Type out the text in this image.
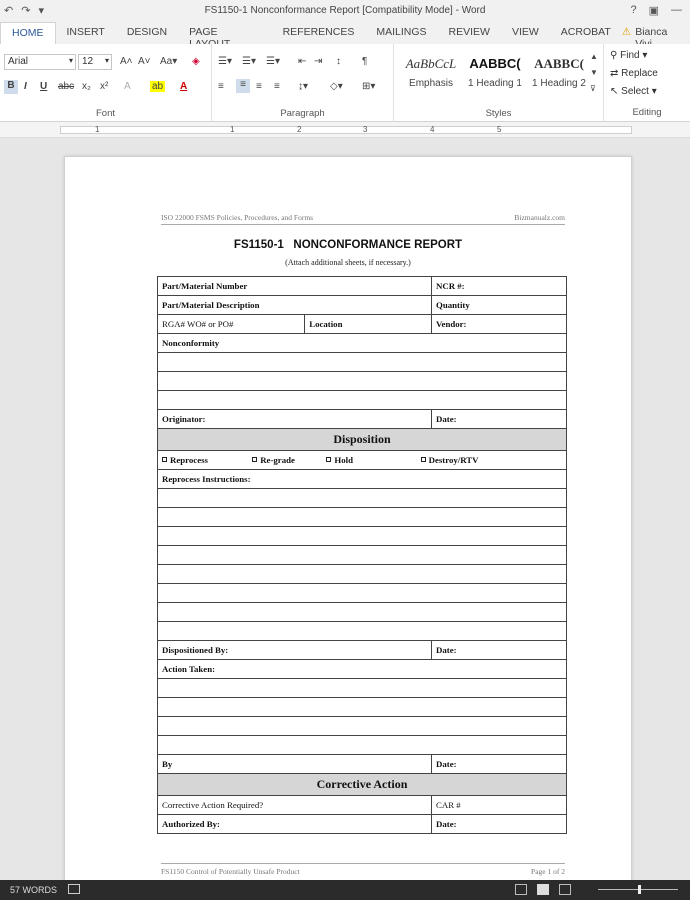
↶ ↷ ▾	FS1150-1 Nonconformance Report [Compatibility Mode] - Word	? ▣ —
HOME	INSERT	DESIGN	PAGE	REFERENCES	MAILINGS	REVIEW	VIEW	ACROBAT	⚠ Bianca
Arial	▾ 12 ▾ A˄ A˅ Aa▾ ◈
B I U abc x₂ x² A ab A
Font
☰▾ ☰▾ ☰▾ ⇤ ⇥ ↕ ¶
≡	≡	≡ ≡ ↨▾ ◇▾ ⊞▾
Paragraph
AaBbCcL
Emphasis
AABBC(
1 Heading 1
AABBC(
1 Heading 2
▲
▼
⊽
Styles
⚲ Find ▾
⇄ Replace
↖ Select ▾
Editing
1	1	2	3	4	5
ISO 22000 FSMS Policies, Procedures, and Forms	Bizmanualz.com
FS1150-1 NONCONFORMANCE REPORT
(Attach additional sheets, if necessary.)
Part/Material Number		NCR #:
Part/Material Description		Quantity
RGA# WO# or PO#	Location	Vendor:
Nonconformity		

Originator:		Date:
Disposition		
Reprocess Re-grade Hold Destroy/RTV		
Reprocess Instructions:		

Dispositioned By:		Date:
Action Taken:		

By		Date:
Corrective Action		
Corrective Action Required?		CAR #
Authorized By:		Date:
FS1150 Control of Potentially Unsafe Product	Page 1 of 2
57 WORDS
